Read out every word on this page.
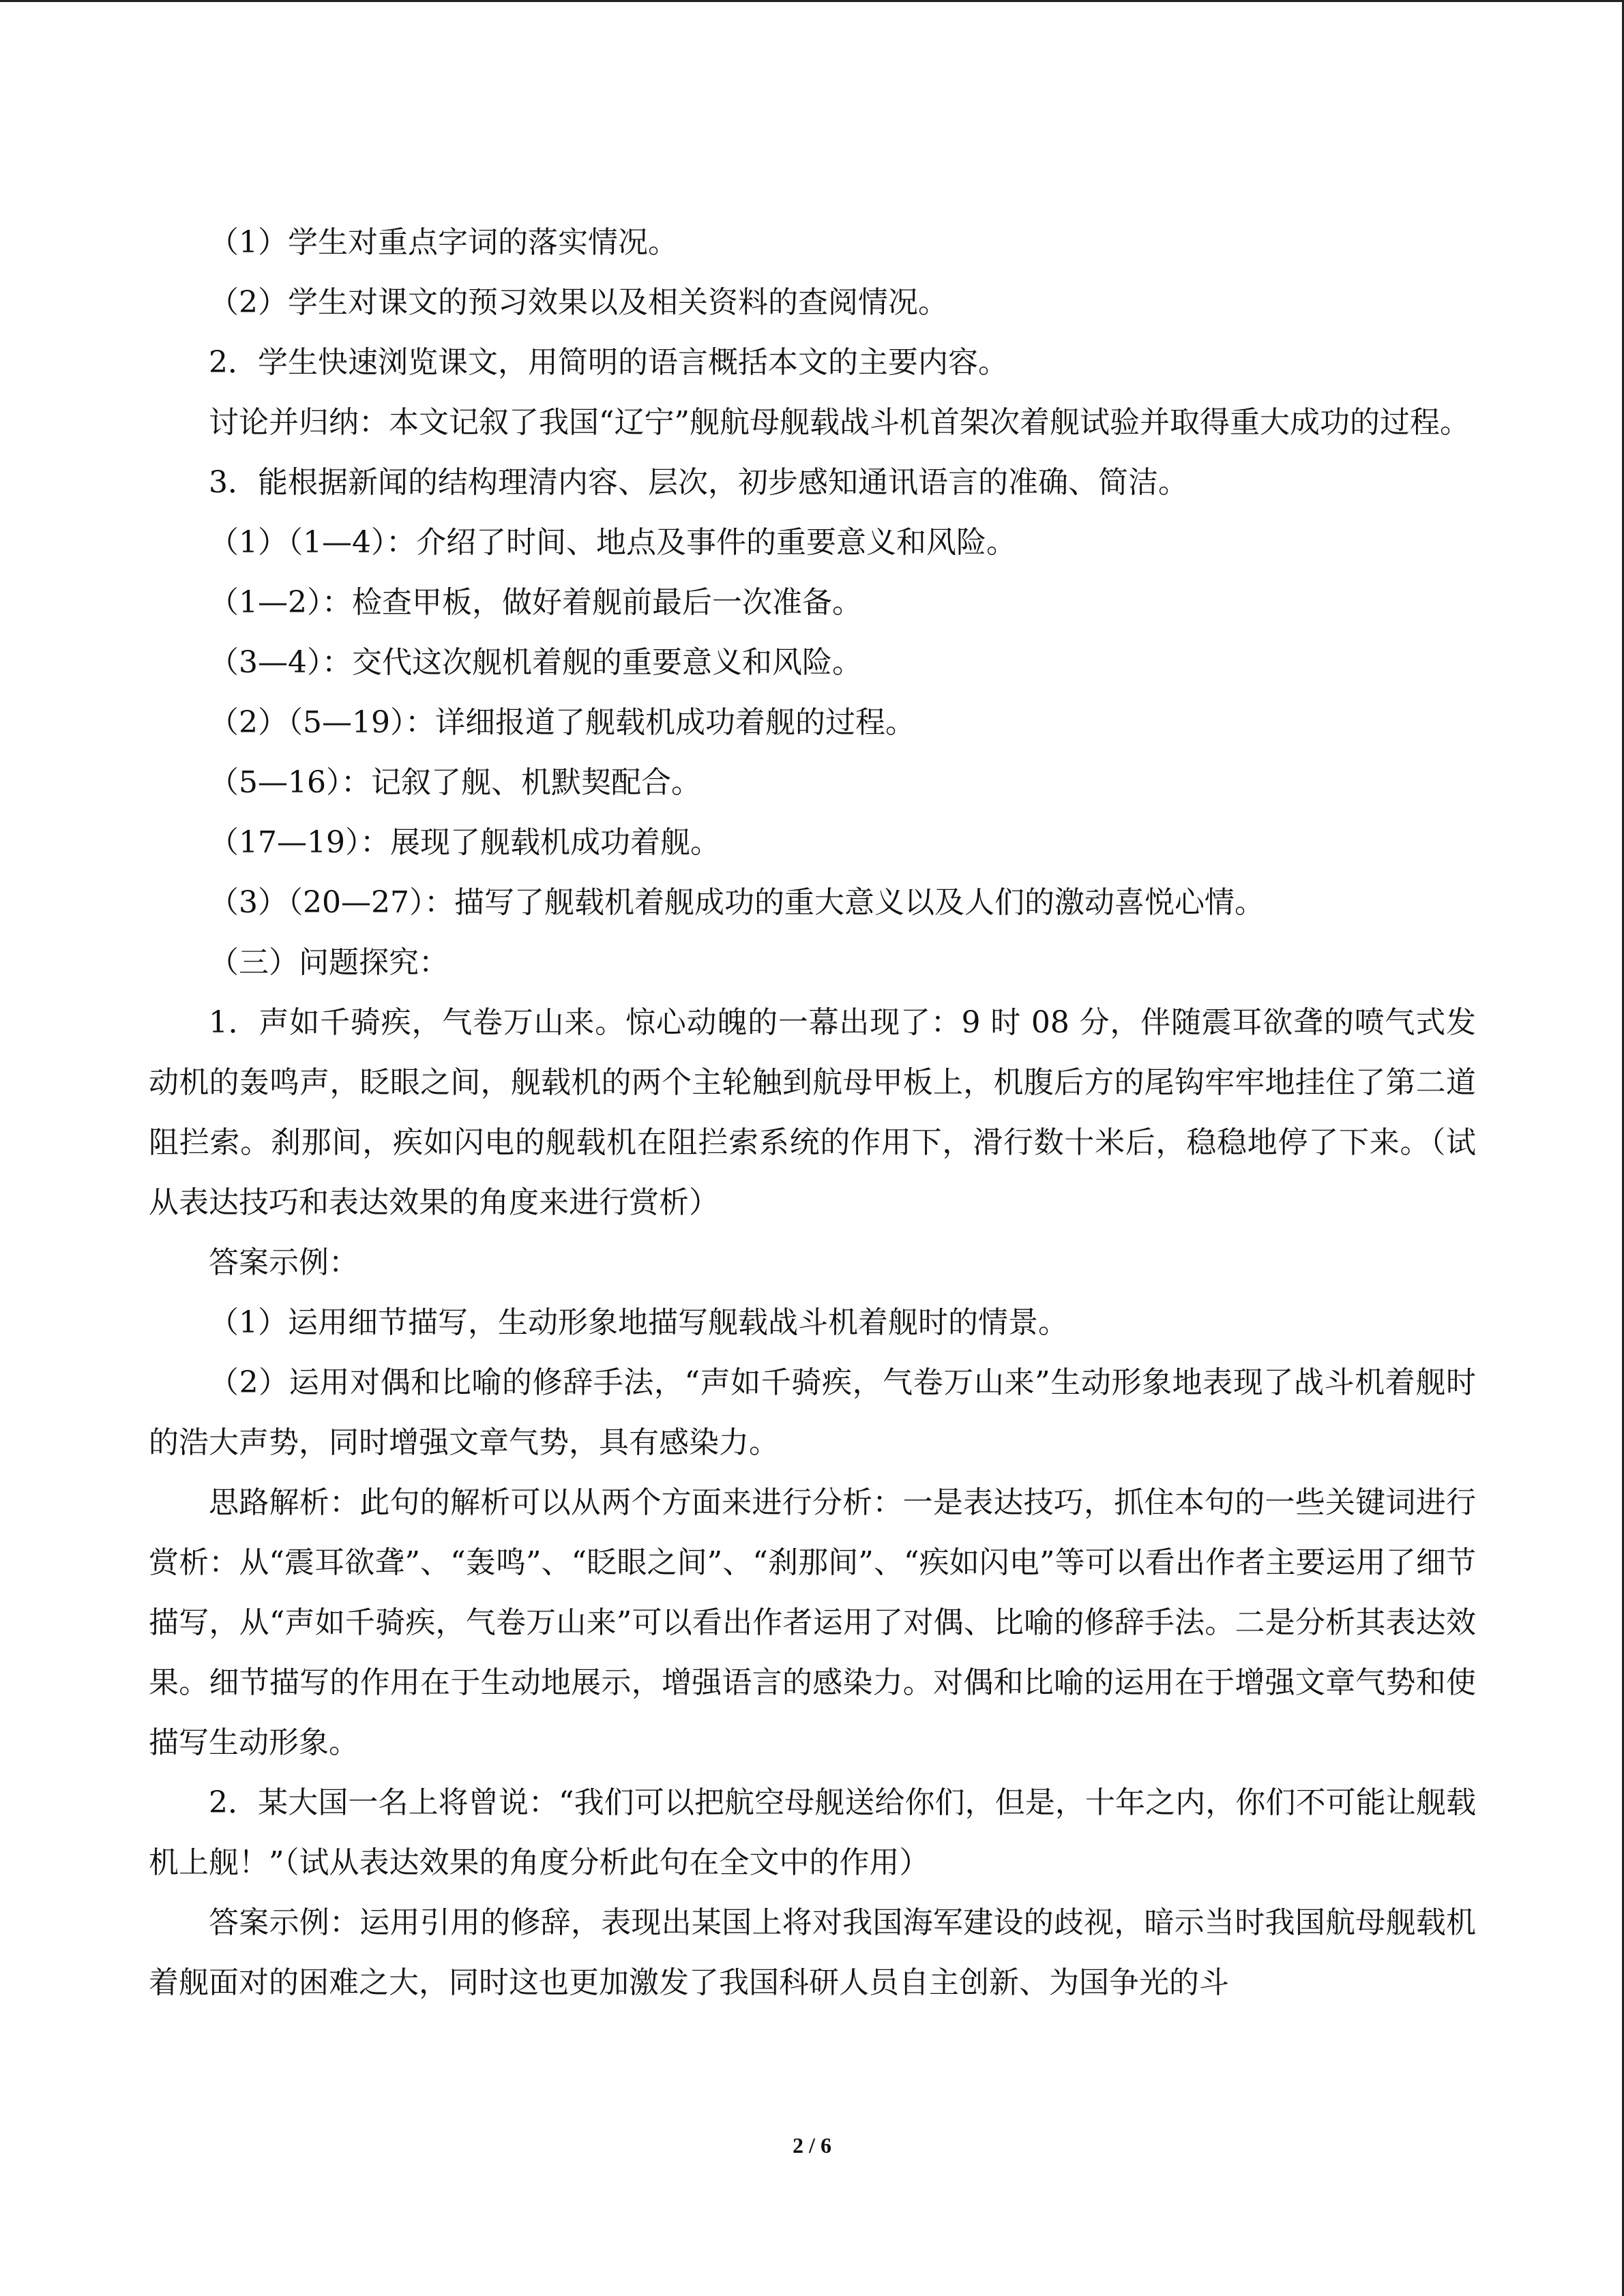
（1）学生对重点字词的落实情况。

（2）学生对课文的预习效果以及相关资料的查阅情况。

2．学生快速浏览课文，用简明的语言概括本文的主要内容。

讨论并归纳：本文记叙了我国“辽宁”舰航母舰载战斗机首架次着舰试验并取得重大成功的过程。

3．能根据新闻的结构理清内容、层次，初步感知通讯语言的准确、简洁。

（1）（1—4）：介绍了时间、地点及事件的重要意义和风险。

（1—2）：检查甲板，做好着舰前最后一次准备。

（3—4）：交代这次舰机着舰的重要意义和风险。

（2）（5—19）：详细报道了舰载机成功着舰的过程。

（5—16）：记叙了舰、机默契配合。

（17—19）：展现了舰载机成功着舰。

（3）（20—27）：描写了舰载机着舰成功的重大意义以及人们的激动喜悦心情。

（三）问题探究：

1．声如千骑疾，气卷万山来。惊心动魄的一幕出现了：9 时 08 分，伴随震耳欲聋的喷气式发动机的轰鸣声，眨眼之间，舰载机的两个主轮触到航母甲板上，机腹后方的尾钩牢牢地挂住了第二道阻拦索。刹那间，疾如闪电的舰载机在阻拦索系统的作用下，滑行数十米后，稳稳地停了下来。（试从表达技巧和表达效果的角度来进行赏析）

答案示例：

（1）运用细节描写，生动形象地描写舰载战斗机着舰时的情景。

（2）运用对偶和比喻的修辞手法，“声如千骑疾，气卷万山来”生动形象地表现了战斗机着舰时的浩大声势，同时增强文章气势，具有感染力。

思路解析：此句的解析可以从两个方面来进行分析：一是表达技巧，抓住本句的一些关键词进行赏析：从“震耳欲聋”、“轰鸣”、“眨眼之间”、“刹那间”、“疾如闪电”等可以看出作者主要运用了细节描写，从“声如千骑疾，气卷万山来”可以看出作者运用了对偶、比喻的修辞手法。二是分析其表达效果。细节描写的作用在于生动地展示，增强语言的感染力。对偶和比喻的运用在于增强文章气势和使描写生动形象。

2．某大国一名上将曾说：“我们可以把航空母舰送给你们，但是，十年之内，你们不可能让舰载机上舰！”（试从表达效果的角度分析此句在全文中的作用）

答案示例：运用引用的修辞，表现出某国上将对我国海军建设的歧视，暗示当时我国航母舰载机着舰面对的困难之大，同时这也更加激发了我国科研人员自主创新、为国争光的斗

2 / 6
